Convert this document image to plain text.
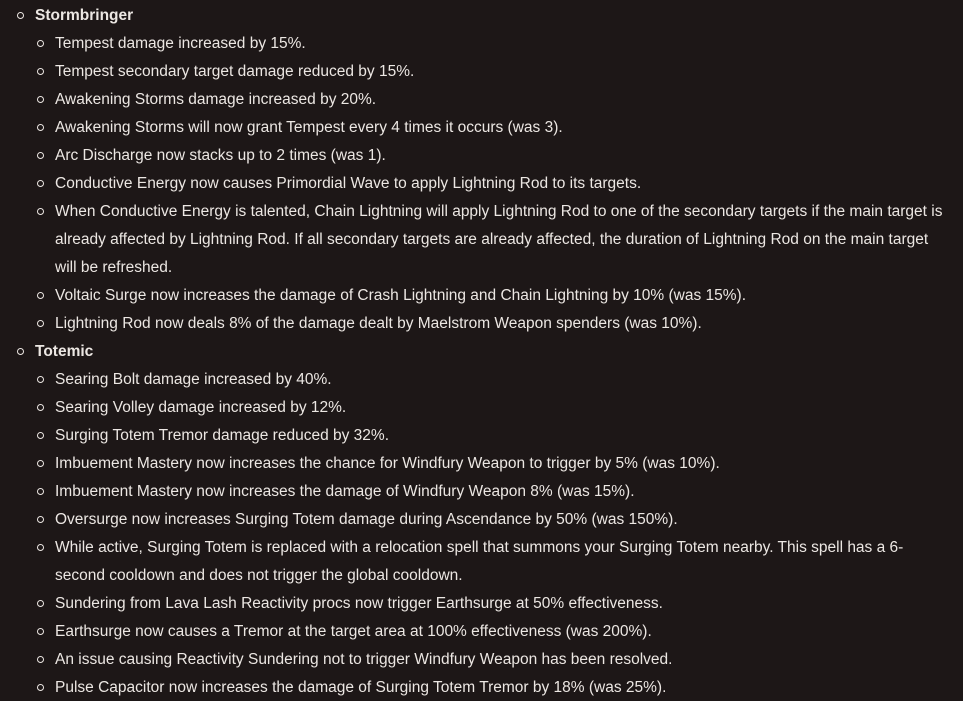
Stormbringer
Tempest damage increased by 15%.
Tempest secondary target damage reduced by 15%.
Awakening Storms damage increased by 20%.
Awakening Storms will now grant Tempest every 4 times it occurs (was 3).
Arc Discharge now stacks up to 2 times (was 1).
Conductive Energy now causes Primordial Wave to apply Lightning Rod to its targets.
When Conductive Energy is talented, Chain Lightning will apply Lightning Rod to one of the secondary targets if the main target is already affected by Lightning Rod. If all secondary targets are already affected, the duration of Lightning Rod on the main target will be refreshed.
Voltaic Surge now increases the damage of Crash Lightning and Chain Lightning by 10% (was 15%).
Lightning Rod now deals 8% of the damage dealt by Maelstrom Weapon spenders (was 10%).
Totemic
Searing Bolt damage increased by 40%.
Searing Volley damage increased by 12%.
Surging Totem Tremor damage reduced by 32%.
Imbuement Mastery now increases the chance for Windfury Weapon to trigger by 5% (was 10%).
Imbuement Mastery now increases the damage of Windfury Weapon 8% (was 15%).
Oversurge now increases Surging Totem damage during Ascendance by 50% (was 150%).
While active, Surging Totem is replaced with a relocation spell that summons your Surging Totem nearby. This spell has a 6-second cooldown and does not trigger the global cooldown.
Sundering from Lava Lash Reactivity procs now trigger Earthsurge at 50% effectiveness.
Earthsurge now causes a Tremor at the target area at 100% effectiveness (was 200%).
An issue causing Reactivity Sundering not to trigger Windfury Weapon has been resolved.
Pulse Capacitor now increases the damage of Surging Totem Tremor by 18% (was 25%).
